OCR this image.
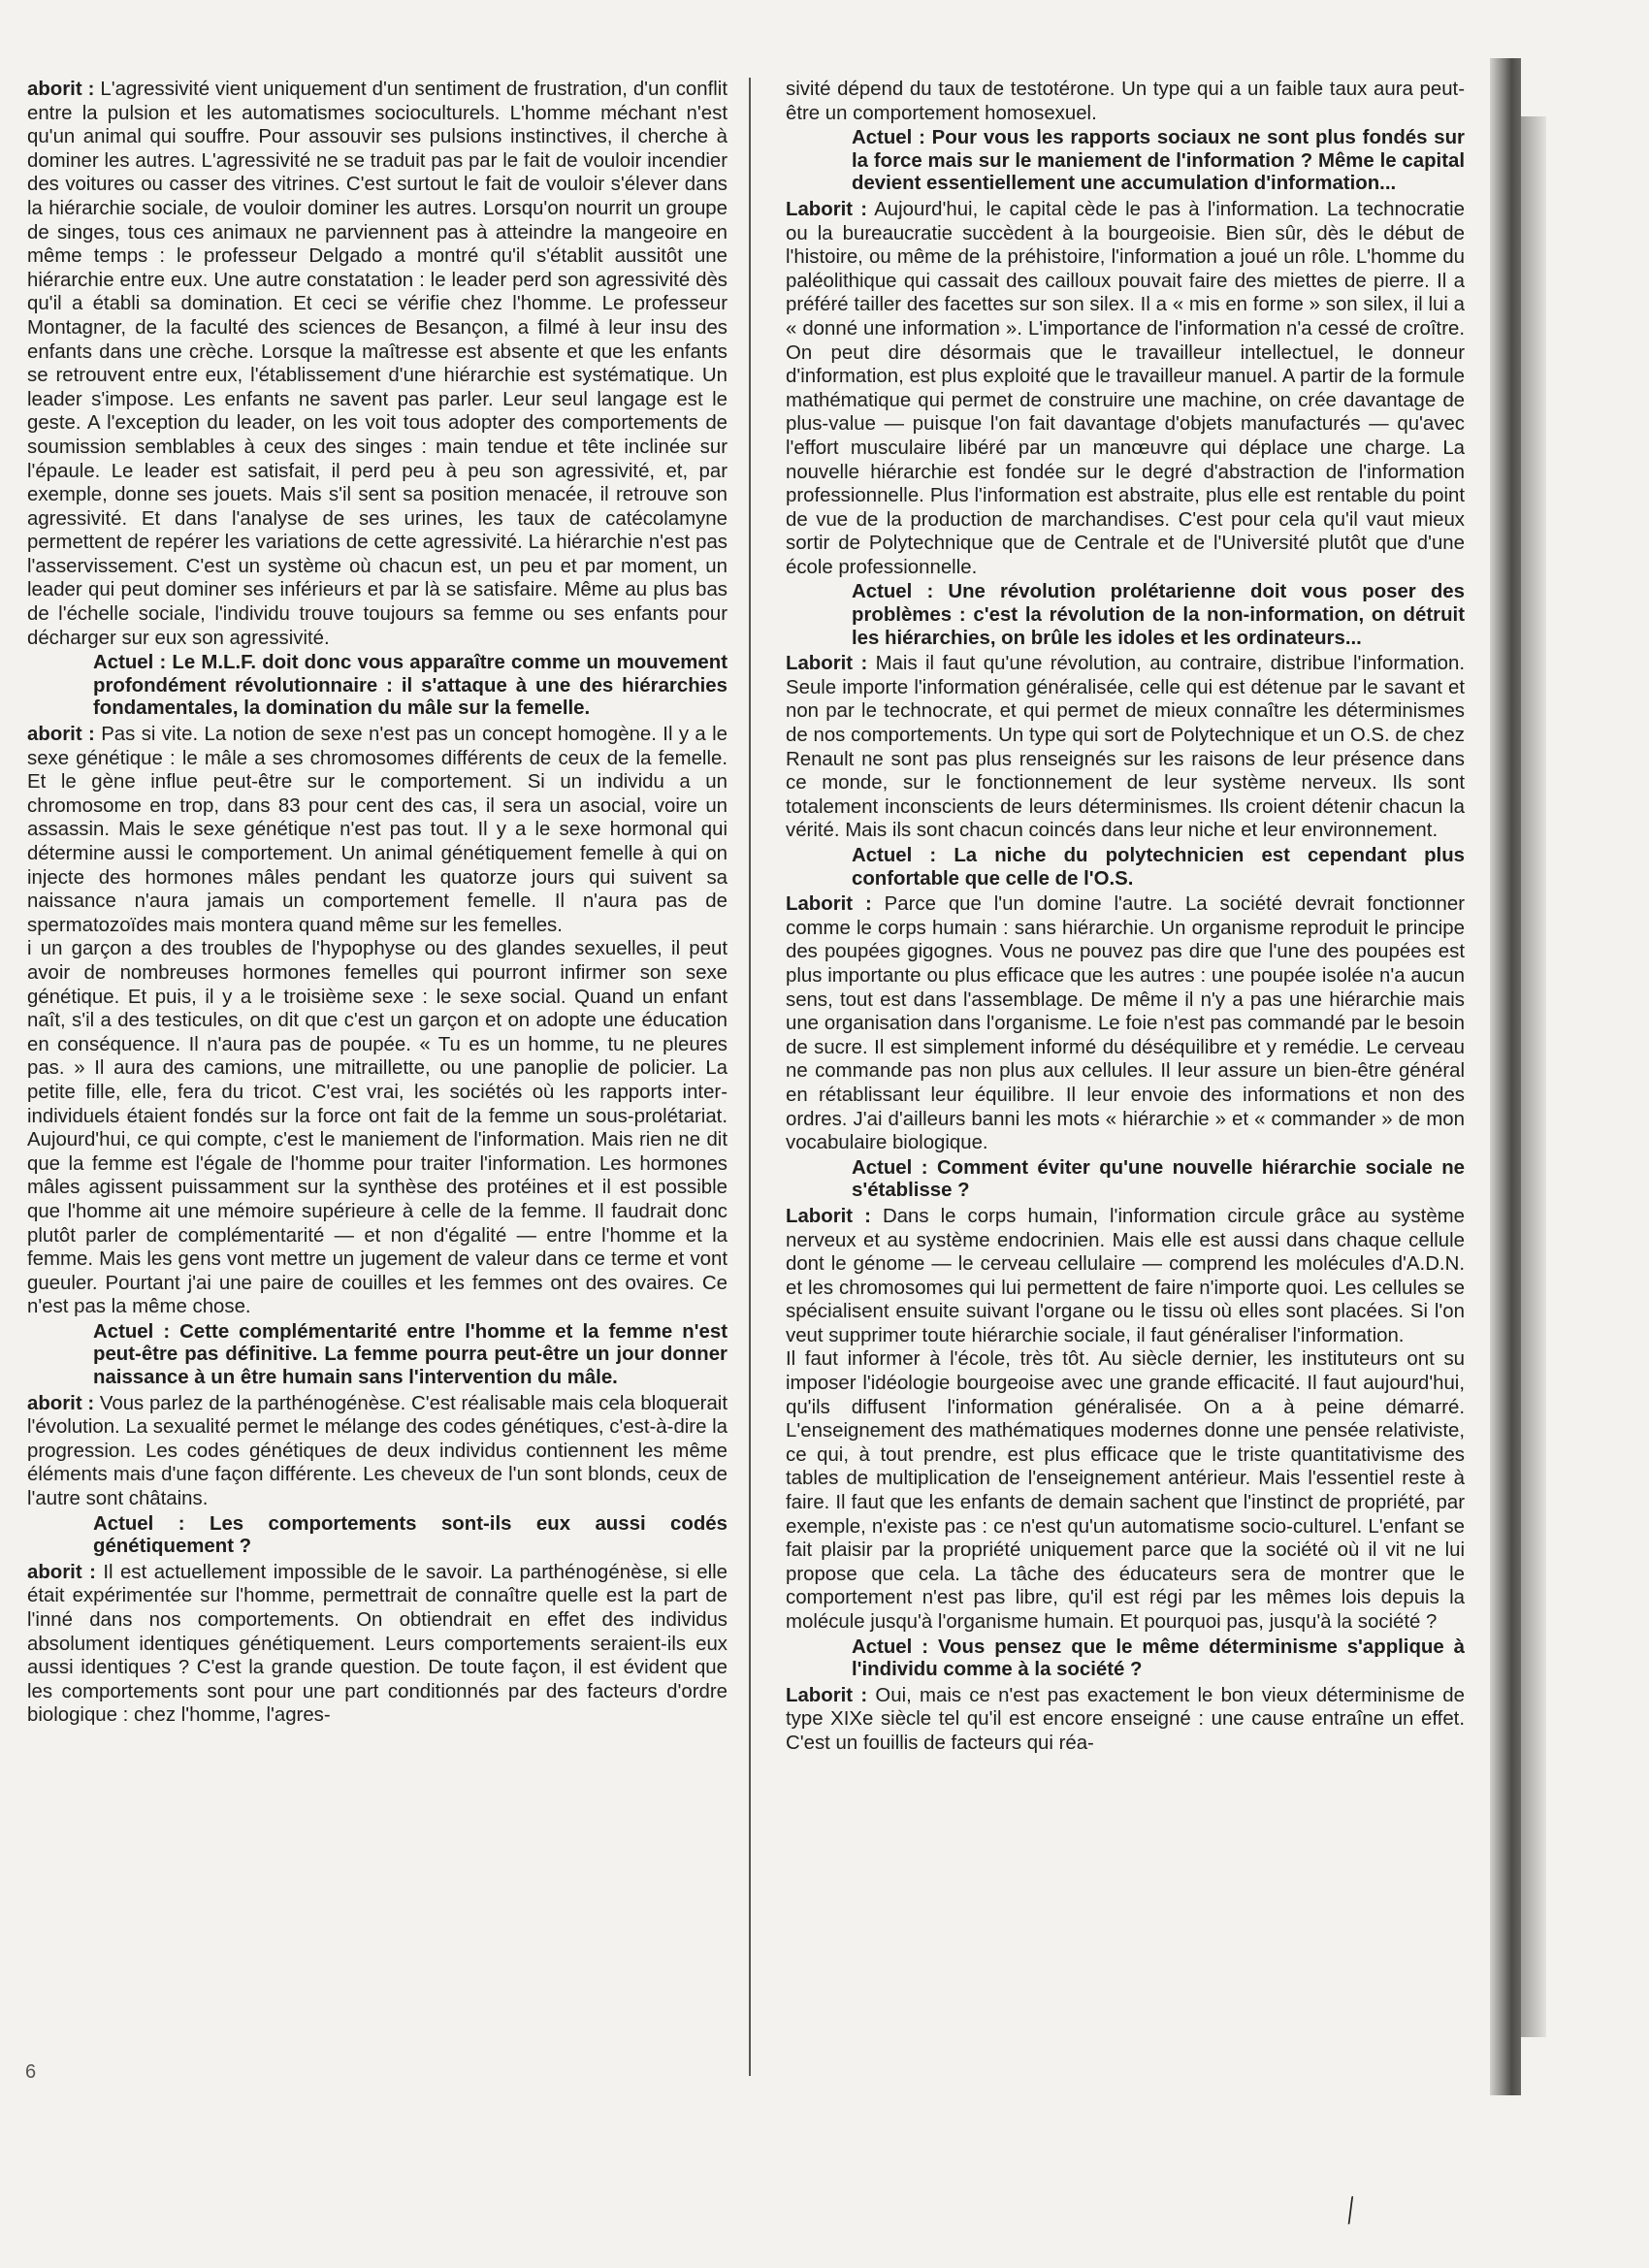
aborit : L'agressivité vient uniquement d'un sentiment de frustration, d'un conflit entre la pulsion et les automatismes socioculturels. L'homme méchant n'est qu'un animal qui souffre. Pour assouvir ses pulsions instinctives, il cherche à dominer les autres. L'agressivité ne se traduit pas par le fait de vouloir incendier des voitures ou casser des vitrines. C'est surtout le fait de vouloir s'élever dans la hiérarchie sociale, de vouloir dominer les autres. Lorsqu'on nourrit un groupe de singes, tous ces animaux ne parviennent pas à atteindre la mangeoire en même temps : le professeur Delgado a montré qu'il s'établit aussitôt une hiérarchie entre eux. Une autre constatation : le leader perd son agressivité dès qu'il a établi sa domination. Et ceci se vérifie chez l'homme. Le professeur Montagner, de la faculté des sciences de Besançon, a filmé à leur insu des enfants dans une crèche. Lorsque la maîtresse est absente et que les enfants se retrouvent entre eux, l'établissement d'une hiérarchie est systématique. Un leader s'impose. Les enfants ne savent pas parler. Leur seul langage est le geste. A l'exception du leader, on les voit tous adopter des comportements de soumission semblables à ceux des singes : main tendue et tête inclinée sur l'épaule. Le leader est satisfait, il perd peu à peu son agressivité, et, par exemple, donne ses jouets. Mais s'il sent sa position menacée, il retrouve son agressivité. Et dans l'analyse de ses urines, les taux de catécolamyne permettent de repérer les variations de cette agressivité. La hiérarchie n'est pas l'asservissement. C'est un système où chacun est, un peu et par moment, un leader qui peut dominer ses inférieurs et par là se satisfaire. Même au plus bas de l'échelle sociale, l'individu trouve toujours sa femme ou ses enfants pour décharger sur eux son agressivité.

Actuel : Le M.L.F. doit donc vous apparaître comme un mouvement profondément révolutionnaire : il s'attaque à une des hiérarchies fondamentales, la domination du mâle sur la femelle.

aborit : Pas si vite. La notion de sexe n'est pas un concept homogène. Il y a le sexe génétique : le mâle a ses chromosomes différents de ceux de la femelle. Et le gène influe peut-être sur le comportement. Si un individu a un chromosome en trop, dans 83 pour cent des cas, il sera un asocial, voire un assassin. Mais le sexe génétique n'est pas tout. Il y a le sexe hormonal qui détermine aussi le comportement. Un animal génétiquement femelle à qui on injecte des hormones mâles pendant les quatorze jours qui suivent sa naissance n'aura jamais un comportement femelle. Il n'aura pas de spermatozoïdes mais montera quand même sur les femelles.

i un garçon a des troubles de l'hypophyse ou des glandes sexuelles, il peut avoir de nombreuses hormones femelles qui pourront infirmer son sexe génétique. Et puis, il y a le troisième sexe : le sexe social. Quand un enfant naît, s'il a des testicules, on dit que c'est un garçon et on adopte une éducation en conséquence. Il n'aura pas de poupée. « Tu es un homme, tu ne pleures pas. » Il aura des camions, une mitraillette, ou une panoplie de policier. La petite fille, elle, fera du tricot. C'est vrai, les sociétés où les rapports inter-individuels étaient fondés sur la force ont fait de la femme un sous-prolétariat. Aujourd'hui, ce qui compte, c'est le maniement de l'information. Mais rien ne dit que la femme est l'égale de l'homme pour traiter l'information. Les hormones mâles agissent puissamment sur la synthèse des protéines et il est possible que l'homme ait une mémoire supérieure à celle de la femme. Il faudrait donc plutôt parler de complémentarité — et non d'égalité — entre l'homme et la femme. Mais les gens vont mettre un jugement de valeur dans ce terme et vont gueuler. Pourtant j'ai une paire de couilles et les femmes ont des ovaires. Ce n'est pas la même chose.

Actuel : Cette complémentarité entre l'homme et la femme n'est peut-être pas définitive. La femme pourra peut-être un jour donner naissance à un être humain sans l'intervention du mâle.

aborit : Vous parlez de la parthénogénèse. C'est réalisable mais cela bloquerait l'évolution. La sexualité permet le mélange des codes génétiques, c'est-à-dire la progression. Les codes génétiques de deux individus contiennent les même éléments mais d'une façon différente. Les cheveux de l'un sont blonds, ceux de l'autre sont châtains.

Actuel : Les comportements sont-ils eux aussi codés génétiquement ?

aborit : Il est actuellement impossible de le savoir. La parthénogénèse, si elle était expérimentée sur l'homme, permettrait de connaître quelle est la part de l'inné dans nos comportements. On obtiendrait en effet des individus absolument identiques génétiquement. Leurs comportements seraient-ils eux aussi identiques ? C'est la grande question. De toute façon, il est évident que les comportements sont pour une part conditionnés par des facteurs d'ordre biologique : chez l'homme, l'agres-

sivité dépend du taux de testotérone. Un type qui a un faible taux aura peut-être un comportement homosexuel.

Actuel : Pour vous les rapports sociaux ne sont plus fondés sur la force mais sur le maniement de l'information ? Même le capital devient essentiellement une accumulation d'information...

Laborit : Aujourd'hui, le capital cède le pas à l'information. La technocratie ou la bureaucratie succèdent à la bourgeoisie. Bien sûr, dès le début de l'histoire, ou même de la préhistoire, l'information a joué un rôle. L'homme du paléolithique qui cassait des cailloux pouvait faire des miettes de pierre. Il a préféré tailler des facettes sur son silex. Il a « mis en forme » son silex, il lui a « donné une information ». L'importance de l'information n'a cessé de croître. On peut dire désormais que le travailleur intellectuel, le donneur d'information, est plus exploité que le travailleur manuel. A partir de la formule mathématique qui permet de construire une machine, on crée davantage de plus-value — puisque l'on fait davantage d'objets manufacturés — qu'avec l'effort musculaire libéré par un manœuvre qui déplace une charge. La nouvelle hiérarchie est fondée sur le degré d'abstraction de l'information professionnelle. Plus l'information est abstraite, plus elle est rentable du point de vue de la production de marchandises. C'est pour cela qu'il vaut mieux sortir de Polytechnique que de Centrale et de l'Université plutôt que d'une école professionnelle.

Actuel : Une révolution prolétarienne doit vous poser des problèmes : c'est la révolution de la non-information, on détruit les hiérarchies, on brûle les idoles et les ordinateurs...

Laborit : Mais il faut qu'une révolution, au contraire, distribue l'information. Seule importe l'information généralisée, celle qui est détenue par le savant et non par le technocrate, et qui permet de mieux connaître les déterminismes de nos comportements. Un type qui sort de Polytechnique et un O.S. de chez Renault ne sont pas plus renseignés sur les raisons de leur présence dans ce monde, sur le fonctionnement de leur système nerveux. Ils sont totalement inconscients de leurs déterminismes. Ils croient détenir chacun la vérité. Mais ils sont chacun coincés dans leur niche et leur environnement.

Actuel : La niche du polytechnicien est cependant plus confortable que celle de l'O.S.

Laborit : Parce que l'un domine l'autre. La société devrait fonctionner comme le corps humain : sans hiérarchie. Un organisme reproduit le principe des poupées gigognes. Vous ne pouvez pas dire que l'une des poupées est plus importante ou plus efficace que les autres : une poupée isolée n'a aucun sens, tout est dans l'assemblage. De même il n'y a pas une hiérarchie mais une organisation dans l'organisme. Le foie n'est pas commandé par le besoin de sucre. Il est simplement informé du déséquilibre et y remédie. Le cerveau ne commande pas non plus aux cellules. Il leur assure un bien-être général en rétablissant leur équilibre. Il leur envoie des informations et non des ordres. J'ai d'ailleurs banni les mots « hiérarchie » et « commander » de mon vocabulaire biologique.

Actuel : Comment éviter qu'une nouvelle hiérarchie sociale ne s'établisse ?

Laborit : Dans le corps humain, l'information circule grâce au système nerveux et au système endocrinien. Mais elle est aussi dans chaque cellule dont le génome — le cerveau cellulaire — comprend les molécules d'A.D.N. et les chromosomes qui lui permettent de faire n'importe quoi. Les cellules se spécialisent ensuite suivant l'organe ou le tissu où elles sont placées. Si l'on veut supprimer toute hiérarchie sociale, il faut généraliser l'information.

Il faut informer à l'école, très tôt. Au siècle dernier, les instituteurs ont su imposer l'idéologie bourgeoise avec une grande efficacité. Il faut aujourd'hui, qu'ils diffusent l'information généralisée. On a à peine démarré. L'enseignement des mathématiques modernes donne une pensée relativiste, ce qui, à tout prendre, est plus efficace que le triste quantitativisme des tables de multiplication de l'enseignement antérieur. Mais l'essentiel reste à faire. Il faut que les enfants de demain sachent que l'instinct de propriété, par exemple, n'existe pas : ce n'est qu'un automatisme socio-culturel. L'enfant se fait plaisir par la propriété uniquement parce que la société où il vit ne lui propose que cela. La tâche des éducateurs sera de montrer que le comportement n'est pas libre, qu'il est régi par les mêmes lois depuis la molécule jusqu'à l'organisme humain. Et pourquoi pas, jusqu'à la société ?

Actuel : Vous pensez que le même déterminisme s'applique à l'individu comme à la société ?

Laborit : Oui, mais ce n'est pas exactement le bon vieux déterminisme de type XIXe siècle tel qu'il est encore enseigné : une cause entraîne un effet. C'est un fouillis de facteurs qui réa-

6
╱
